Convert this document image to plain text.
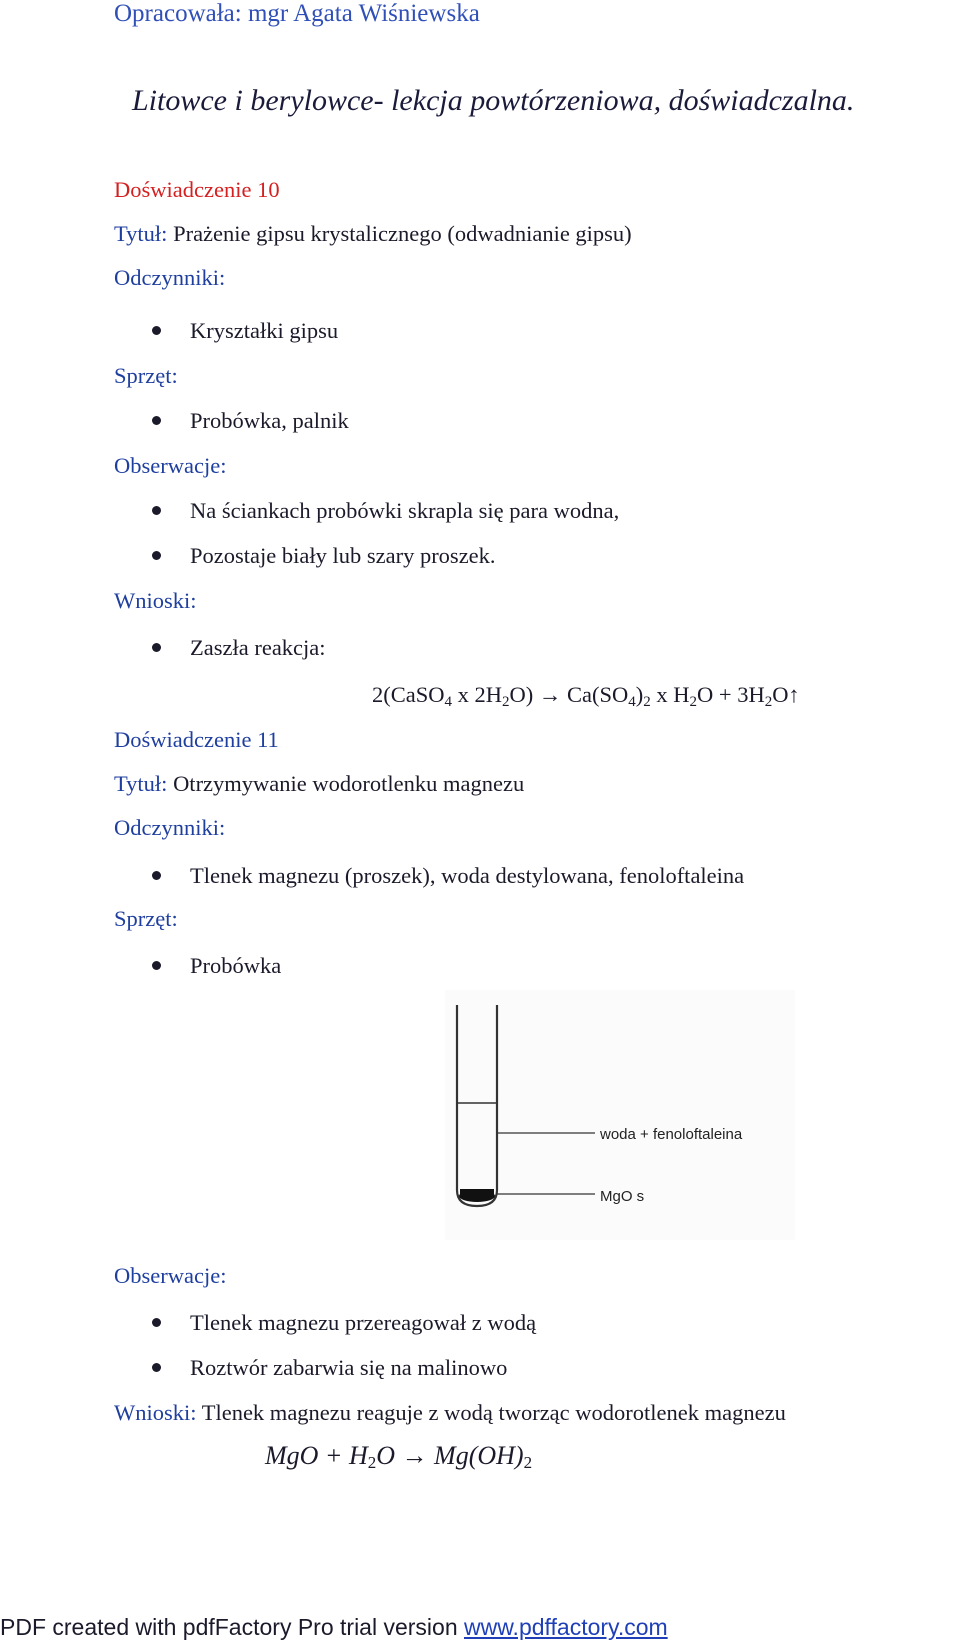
Opracowała: mgr Agata Wiśniewska
Litowce i berylowce- lekcja powtórzeniowa, doświadczalna.
Doświadczenie 10
Tytuł: Prażenie gipsu krystalicznego (odwadnianie gipsu)
Odczynniki:
Kryształki gipsu
Sprzęt:
Probówka, palnik
Obserwacje:
Na ściankach probówki skrapla się para wodna,
Pozostaje biały lub szary proszek.
Wnioski:
Zaszła reakcja:
2(CaSO$_4$ x $2H_2O) \to Ca(SO_4)_2$ x $H_2O$ + $3H_2O↑$
Doświadczenie 11
Tytuł: Otrzymywanie wodorotlenku magnezu
Odczynniki:
Tlenek magnezu (proszek), woda destylowana, fenoloftaleina
Sprzęt:
Probówka
woda + fenoloftaleina
MgO s
Obserwacje:
Tlenek magnezu przereagował z wodą
Roztwór zabarwia się na malinowo
Wnioski: Tlenek magnezu reaguje z wodą tworząc wodorotlenek magnezu
MgO + $H_2O \to Mg(OH)_2$
PDF created with pdfFactory Pro trial version www.pdffactory.com
